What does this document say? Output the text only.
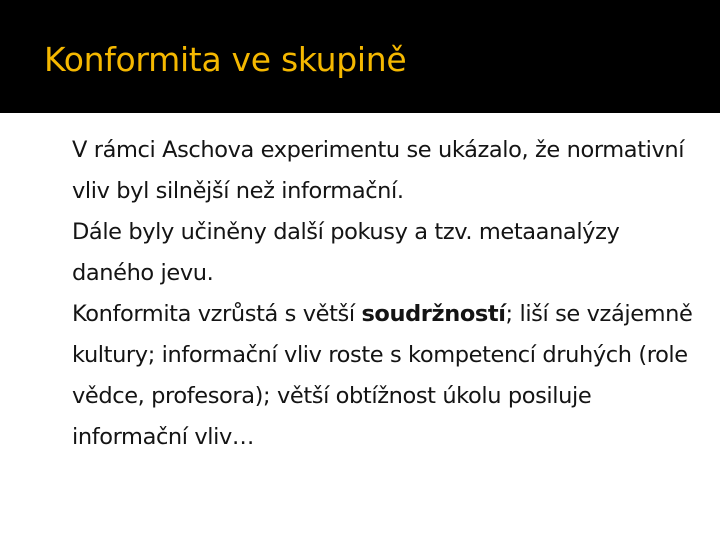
Konformita ve skupině
V rámci Aschova experimentu se ukázalo, že normativní vliv byl silnější než informační.
Dále byly učiněny další pokusy a tzv. metaanalýzy daného jevu.
Konformita vzrůstá s větší soudržností; liší se vzájemně kultury; informační vliv roste s kompetencí druhých (role vědce, profesora); větší obtížnost úkolu posiluje informační vliv…
